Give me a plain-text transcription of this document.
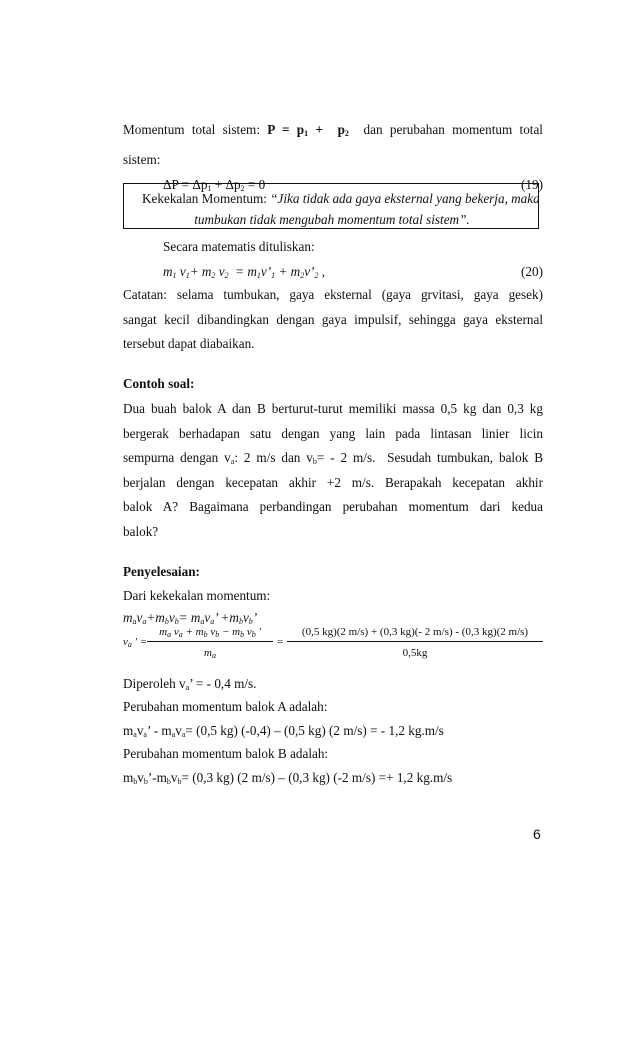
Momentum total sistem: $P = p_1 + p_2$  dan perubahan momentum total
sistem:
$\Delta P = \Delta p_1 + \Delta p_2 = 0$	(19)
Kekekalan Momentum: “Jika tidak ada gaya eksternal yang bekerja, maka
tumbukan tidak mengubah momentum total sistem”.
Secara matematis dituliskan:
$m_1$ $v_1+ m_2$ $v_2$  = $m_1v’_1$ + $m_2v’_2$ ,	(20)
Catatan: selama tumbukan, gaya eksternal (gaya grvitasi, gaya gesek)
sangat kecil dibandingkan dengan gaya impulsif, sehingga gaya eksternal
tersebut dapat diabaikan.
Contoh soal:
Dua buah balok A dan B berturut-turut memiliki massa 0,5 kg dan 0,3 kg
bergerak berhadapan satu dengan yang lain pada lintasan linier licin
sempurna dengan $v_a$: 2 m/s dan $v_b= - 2$ m/s.  Sesudah tumbukan, balok B
berjalan dengan kecepatan akhir +2 m/s. Berapakah kecepatan akhir
balok A? Bagaimana perbandingan perubahan momentum dari kedua
balok?
Penyelesaian:
Dari kekekalan momentum:
$m_av_a+m_bv_b= m_av_a$’ $+m_bv_b$’
$v_a$ ' =
$m_a$ $v_a + m_b$ $v_b - m_b$ $v_b$ '
$m_a$
=
(0,5 kg)(2 m/s) + (0,3 kg)(- 2 m/s) - (0,3 kg)(2 m/s)
0,5kg
Diperoleh $v_a$’ = - 0,4 m/s.
Perubahan momentum balok A adalah:
$m_av_a$’ - $m_av_a= (0,5$ kg) (-0,4) – (0,5 kg) (2 m/s) = - 1,2 kg.m/s
Perubahan momentum balok B adalah:
$m_bv_b’-m_bv_b= (0,3$ kg) (2 m/s) – (0,3 kg) (-2 m/s) =+ 1,2 kg.m/s
6
